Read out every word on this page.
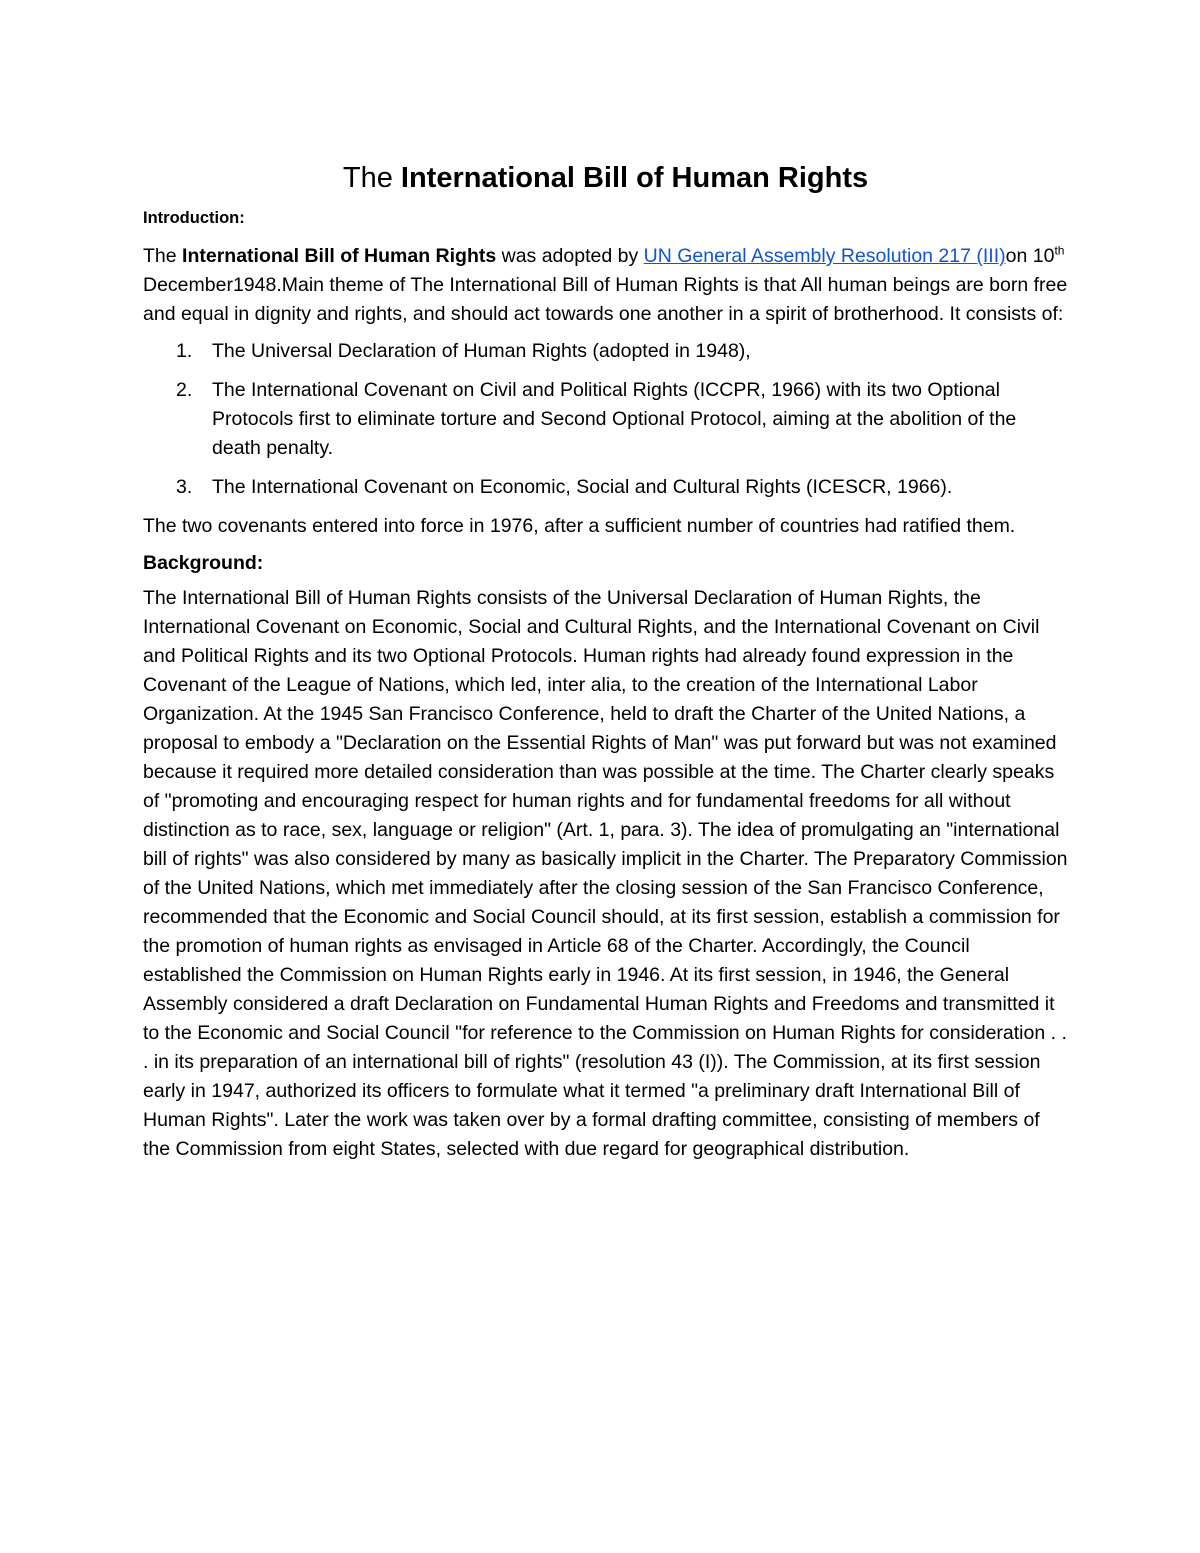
The International Bill of Human Rights
Introduction:

The International Bill of Human Rights was adopted by UN General Assembly Resolution 217 (III)on 10th December1948.Main theme of The International Bill of Human Rights is that All human beings are born free and equal in dignity and rights, and should act towards one another in a spirit of brotherhood. It consists of:

1. The Universal Declaration of Human Rights (adopted in 1948),
2. The International Covenant on Civil and Political Rights (ICCPR, 1966) with its two Optional Protocols first to eliminate torture and Second Optional Protocol, aiming at the abolition of the death penalty.
3. The International Covenant on Economic, Social and Cultural Rights (ICESCR, 1966).

The two covenants entered into force in 1976, after a sufficient number of countries had ratified them.

Background:

The International Bill of Human Rights consists of the Universal Declaration of Human Rights, the International Covenant on Economic, Social and Cultural Rights, and the International Covenant on Civil and Political Rights and its two Optional Protocols. Human rights had already found expression in the Covenant of the League of Nations, which led, inter alia, to the creation of the International Labor Organization. At the 1945 San Francisco Conference, held to draft the Charter of the United Nations, a proposal to embody a "Declaration on the Essential Rights of Man" was put forward but was not examined because it required more detailed consideration than was possible at the time. The Charter clearly speaks of "promoting and encouraging respect for human rights and for fundamental freedoms for all without distinction as to race, sex, language or religion" (Art. 1, para. 3). The idea of promulgating an "international bill of rights" was also considered by many as basically implicit in the Charter. The Preparatory Commission of the United Nations, which met immediately after the closing session of the San Francisco Conference, recommended that the Economic and Social Council should, at its first session, establish a commission for the promotion of human rights as envisaged in Article 68 of the Charter. Accordingly, the Council established the Commission on Human Rights early in 1946. At its first session, in 1946, the General Assembly considered a draft Declaration on Fundamental Human Rights and Freedoms and transmitted it to the Economic and Social Council "for reference to the Commission on Human Rights for consideration . . . in its preparation of an international bill of rights" (resolution 43 (I)). The Commission, at its first session early in 1947, authorized its officers to formulate what it termed "a preliminary draft International Bill of Human Rights". Later the work was taken over by a formal drafting committee, consisting of members of the Commission from eight States, selected with due regard for geographical distribution.
